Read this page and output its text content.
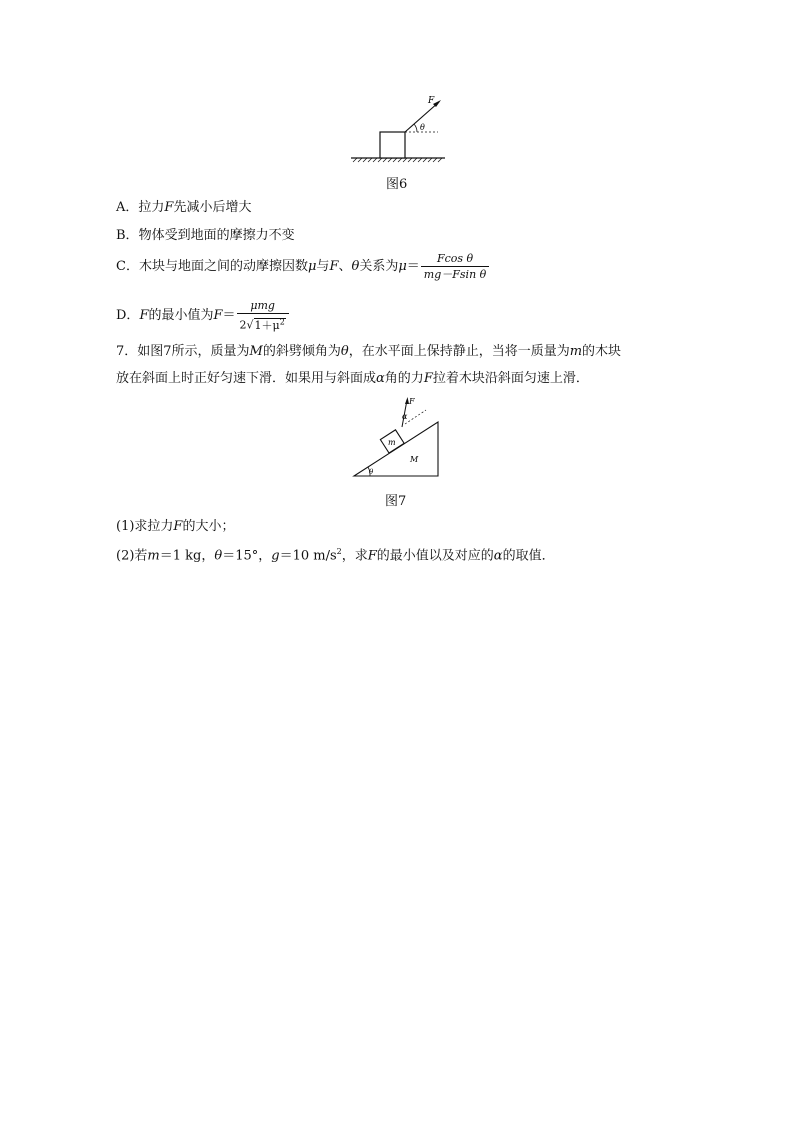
F
θ
图6
A．拉力F先减小后增大
B．物体受到地面的摩擦力不变
C．木块与地面之间的动摩擦因数μ与F、θ关系为$\mu= \frac{\text{Fcos θ}}{\text{mg－Fsin θ}}$
D．F的最小值为$F= \frac{\text{μmg}}{2√1+\mu^2}$
7．如图7所示，质量为M的斜劈倾角为θ，在水平面上保持静止，当将一质量为m的木块
放在斜面上时正好匀速下滑．如果用与斜面成α角的力F拉着木块沿斜面匀速上滑．
F
α
m
M
θ
图7
(1)求拉力F的大小；
(2)若m＝1 kg，θ＝15°，g＝10 $m/s^2$，求F的最小值以及对应的α的取值．
